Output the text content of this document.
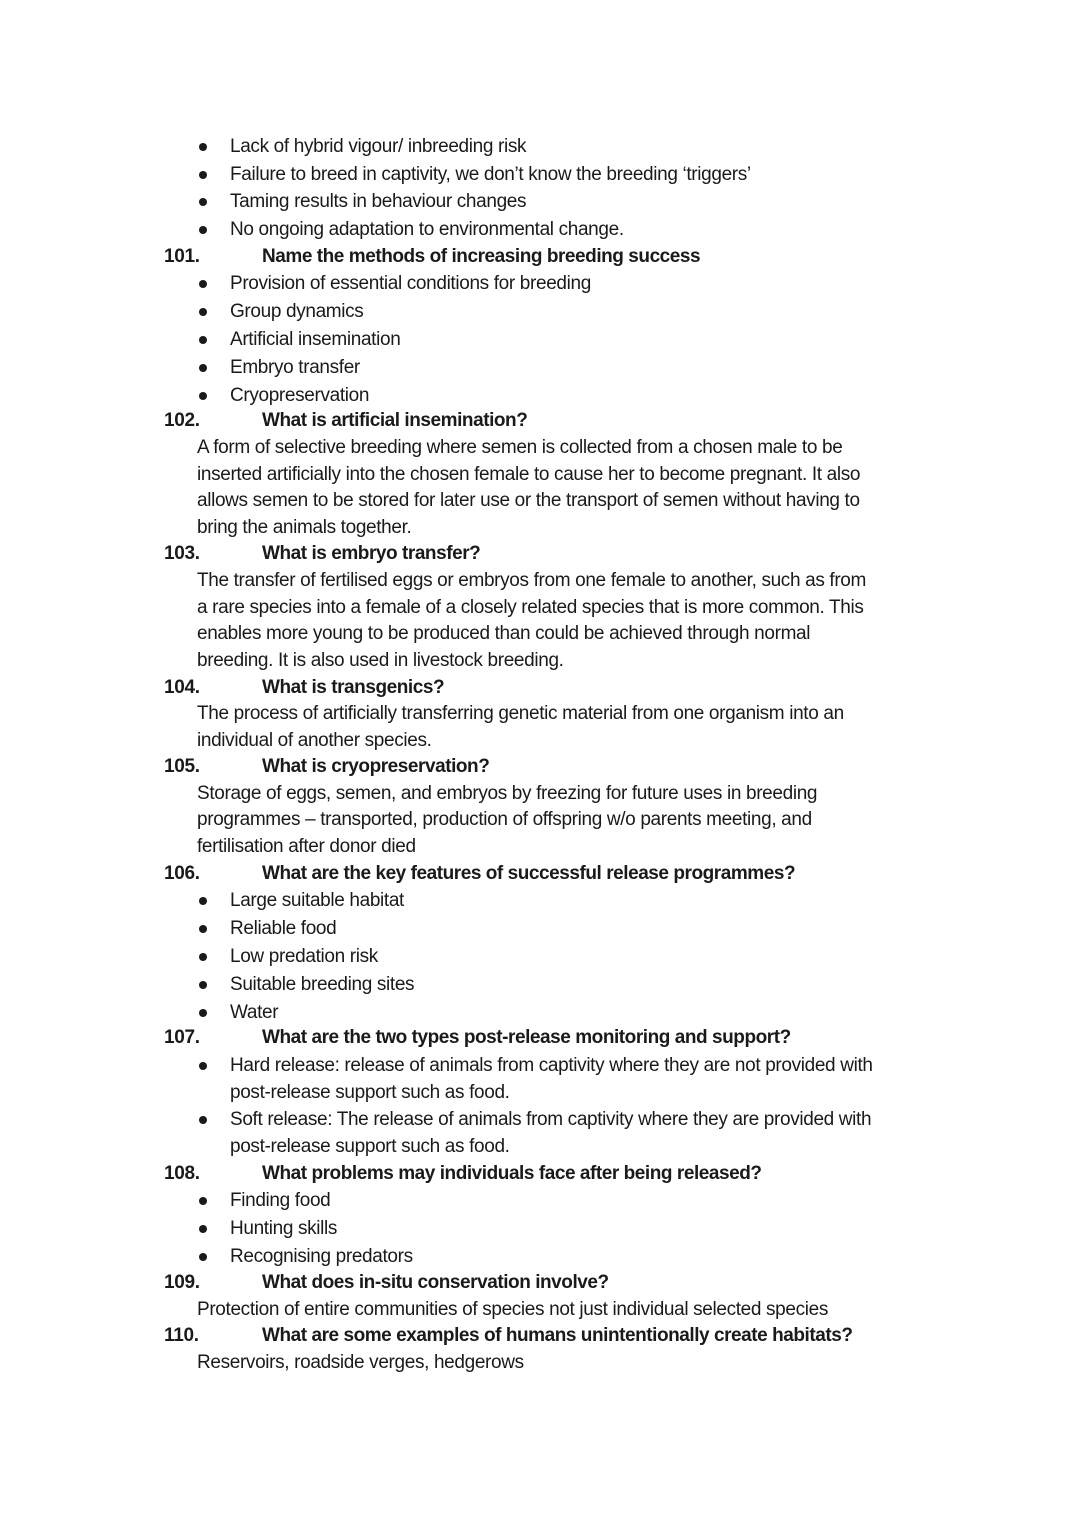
Lack of hybrid vigour/ inbreeding risk
Failure to breed in captivity, we don’t know the breeding ‘triggers’
Taming results in behaviour changes
No ongoing adaptation to environmental change.
101.	Name the methods of increasing breeding success
Provision of essential conditions for breeding
Group dynamics
Artificial insemination
Embryo transfer
Cryopreservation
102.	What is artificial insemination?
A form of selective breeding where semen is collected from a chosen male to be
inserted artificially into the chosen female to cause her to become pregnant. It also
allows semen to be stored for later use or the transport of semen without having to
bring the animals together.
103.	What is embryo transfer?
The transfer of fertilised eggs or embryos from one female to another, such as from
a rare species into a female of a closely related species that is more common. This
enables more young to be produced than could be achieved through normal
breeding. It is also used in livestock breeding.
104.	What is transgenics?
The process of artificially transferring genetic material from one organism into an
individual of another species.
105.	What is cryopreservation?
Storage of eggs, semen, and embryos by freezing for future uses in breeding
programmes – transported, production of offspring w/o parents meeting, and
fertilisation after donor died
106.	What are the key features of successful release programmes?
Large suitable habitat
Reliable food
Low predation risk
Suitable breeding sites
Water
107.	What are the two types post-release monitoring and support?
Hard release: release of animals from captivity where they are not provided with
post-release support such as food.
Soft release: The release of animals from captivity where they are provided with
post-release support such as food.
108.	What problems may individuals face after being released?
Finding food
Hunting skills
Recognising predators
109.	What does in-situ conservation involve?
Protection of entire communities of species not just individual selected species
110.	What are some examples of humans unintentionally create habitats?
Reservoirs, roadside verges, hedgerows
